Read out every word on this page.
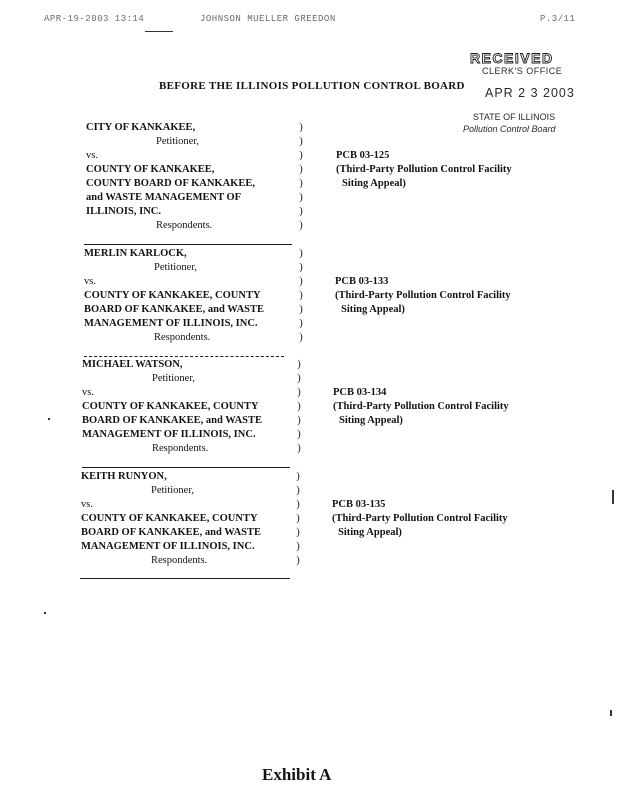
APR-19-2003 13:14	JOHNSON MUELLER GREEDON	P.3/11
RECEIVED
CLERK'S OFFICE
APR 2 3 2003
STATE OF ILLINOIS
Pollution Control Board
BEFORE THE ILLINOIS POLLUTION CONTROL BOARD
CITY OF KANKAKEE,
Petitioner,
vs.
COUNTY OF KANKAKEE,
COUNTY BOARD OF KANKAKEE,
and WASTE MANAGEMENT OF
ILLINOIS, INC.
Respondents.
)
)
)
)
)
)
)
)
PCB 03-125
(Third-Party Pollution Control Facility
Siting Appeal)
MERLIN KARLOCK,
Petitioner,
vs.
COUNTY OF KANKAKEE, COUNTY
BOARD OF KANKAKEE, and WASTE
MANAGEMENT OF ILLINOIS, INC.
Respondents.
)
)
)
)
)
)
)
PCB 03-133
(Third-Party Pollution Control Facility
Siting Appeal)
MICHAEL WATSON,
Petitioner,
vs.
COUNTY OF KANKAKEE, COUNTY
BOARD OF KANKAKEE, and WASTE
MANAGEMENT OF ILLINOIS, INC.
Respondents.
)
)
)
)
)
)
)
PCB 03-134
(Third-Party Pollution Control Facility
Siting Appeal)
KEITH RUNYON,
Petitioner,
vs.
COUNTY OF KANKAKEE, COUNTY
BOARD OF KANKAKEE, and WASTE
MANAGEMENT OF ILLINOIS, INC.
Respondents.
)
)
)
)
)
)
)
PCB 03-135
(Third-Party Pollution Control Facility
Siting Appeal)
Exhibit A
